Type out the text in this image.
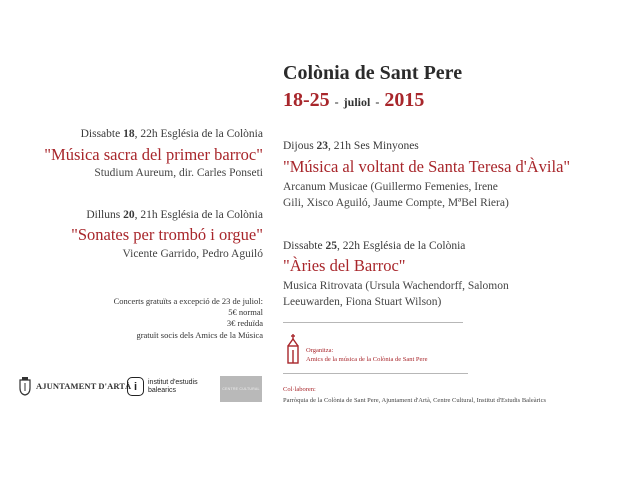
Colònia de Sant Pere
18-25 - juliol - 2015
Dissabte 18, 22h Església de la Colònia
"Música sacra del primer barroc"
Studium Aureum, dir. Carles Ponseti
Dilluns 20, 21h Església de la Colònia
"Sonates per trombó i orgue"
Vicente Garrido, Pedro Aguiló
Concerts gratuïts a excepció de 23 de juliol:
5€ normal
3€ reduïda
gratuït socis dels Amics de la Música
Dijous 23, 21h Ses Minyones
"Música al voltant de Santa Teresa d'Àvila"
Arcanum Musicae (Guillermo Femenies, Irene
Gili, Xisco Aguiló, Jaume Compte, MªBel Riera)
Dissabte 25, 22h Església de la Colònia
"Àries del Barroc"
Musica Ritrovata (Ursula Wachendorff, Salomon
Leeuwarden, Fiona Stuart Wilson)
Organitza:
Amics de la música de la Colònia de Sant Pere
Col·laboren:
Parròquia de la Colònia de Sant Pere, Ajuntament d'Artà, Centre Cultural, Institut d'Estudis Baleàrics
AJUNTAMENT D'ARTÀ i	institut d'estudis
balearics	CENTRE CULTURAL
